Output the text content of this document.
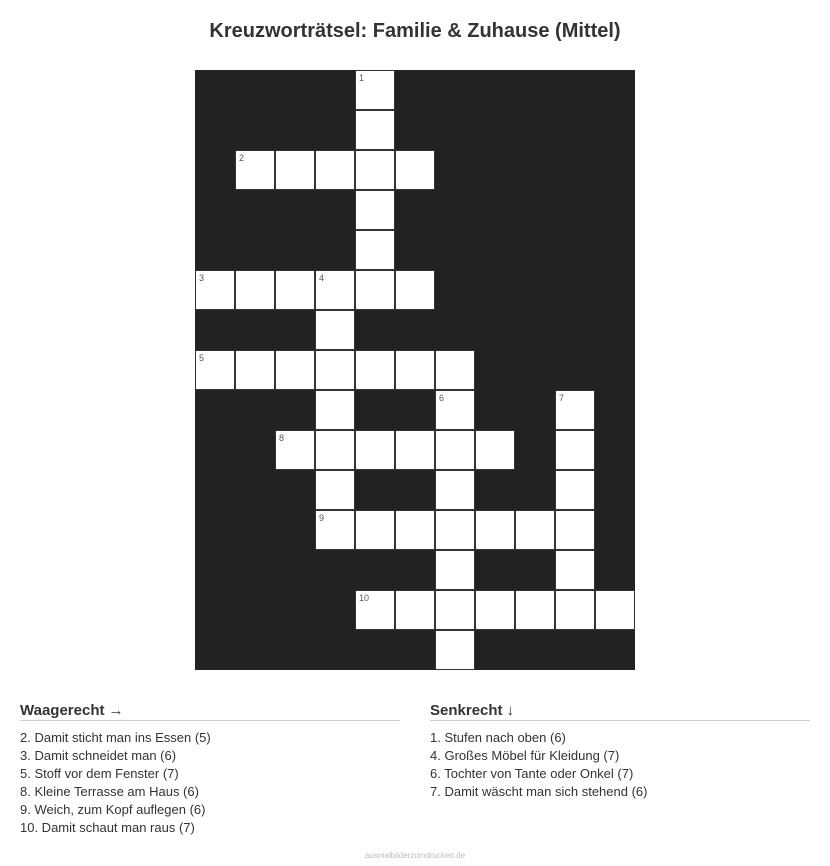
Kreuzworträtsel: Familie & Zuhause (Mittel)
1
2
3	4
5
6	7
8
9
10
Waagerecht →
2. Damit sticht man ins Essen (5)
3. Damit schneidet man (6)
5. Stoff vor dem Fenster (7)
8. Kleine Terrasse am Haus (6)
9. Weich, zum Kopf auflegen (6)
10. Damit schaut man raus (7)
Senkrecht ↓
1. Stufen nach oben (6)
4. Großes Möbel für Kleidung (7)
6. Tochter von Tante oder Onkel (7)
7. Damit wäscht man sich stehend (6)
ausmalbilderzumdrucken.de
